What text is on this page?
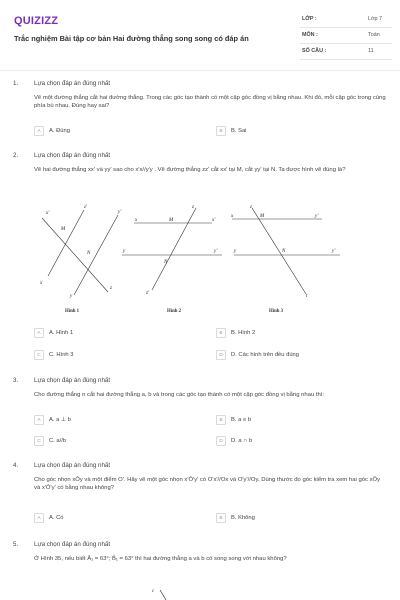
QUIZIZZ
Trắc nghiệm Bài tập cơ bản Hai đường thẳng song song có đáp án
LỚP :	Lớp 7
MÔN :	Toán
SỐ CÂU :	11
1.	Lựa chọn đáp án đúng nhất
Vẽ một đường thẳng cắt hai đường thẳng. Trong các góc tạo thành có một cặp góc đồng vị bằng nhau. Khi đó, mỗi cặp góc trong cùng phía bù nhau. Đúng hay sai?
A A. Đúng	B B. Sai
2.	Lựa chọn đáp án đúng nhất
Vẽ hai đường thẳng xx' và yy' sao cho x'x//y'y . Vẽ đường thẳng zz' cắt xx' tại M, cắt yy' tại N. Ta được hình vẽ đúng là?
A A. Hình 1	B B. Hình 2
C C. Hình 3	D D. Các hình trên đều đúng
x'
z'
y'
M
N
x
z
y
Hình 1
x	x'
y	y'
M
N
z
z'
Hình 2
x	y'
y	y'
M
N
z
t
Hình 3
3.	Lựa chọn đáp án đúng nhất
Cho đường thẳng n cắt hai đường thẳng a, b và trong các góc tạo thành có một cặp góc đồng vị bằng nhau thì:
A A. a ⊥ b	B B. a ≡ b
C C. a//b	D D. a ∩ b
4.	Lựa chọn đáp án đúng nhất
Cho góc nhọn xÔy và một điểm O'. Hãy vẽ một góc nhọn x'Ô'y' có O'x'//Ox và O'y'//Oy. Dùng thước đo góc kiểm tra xem hai góc xÔy và x'Ô'y' có bằng nhau không?
A A. Có	B B. Không
5.	Lựa chọn đáp án đúng nhất
Ở Hình 35, nếu biết Â₁ = 63°; B̂₁ = 63° thì hai đường thẳng a và b có song song với nhau không?
c
